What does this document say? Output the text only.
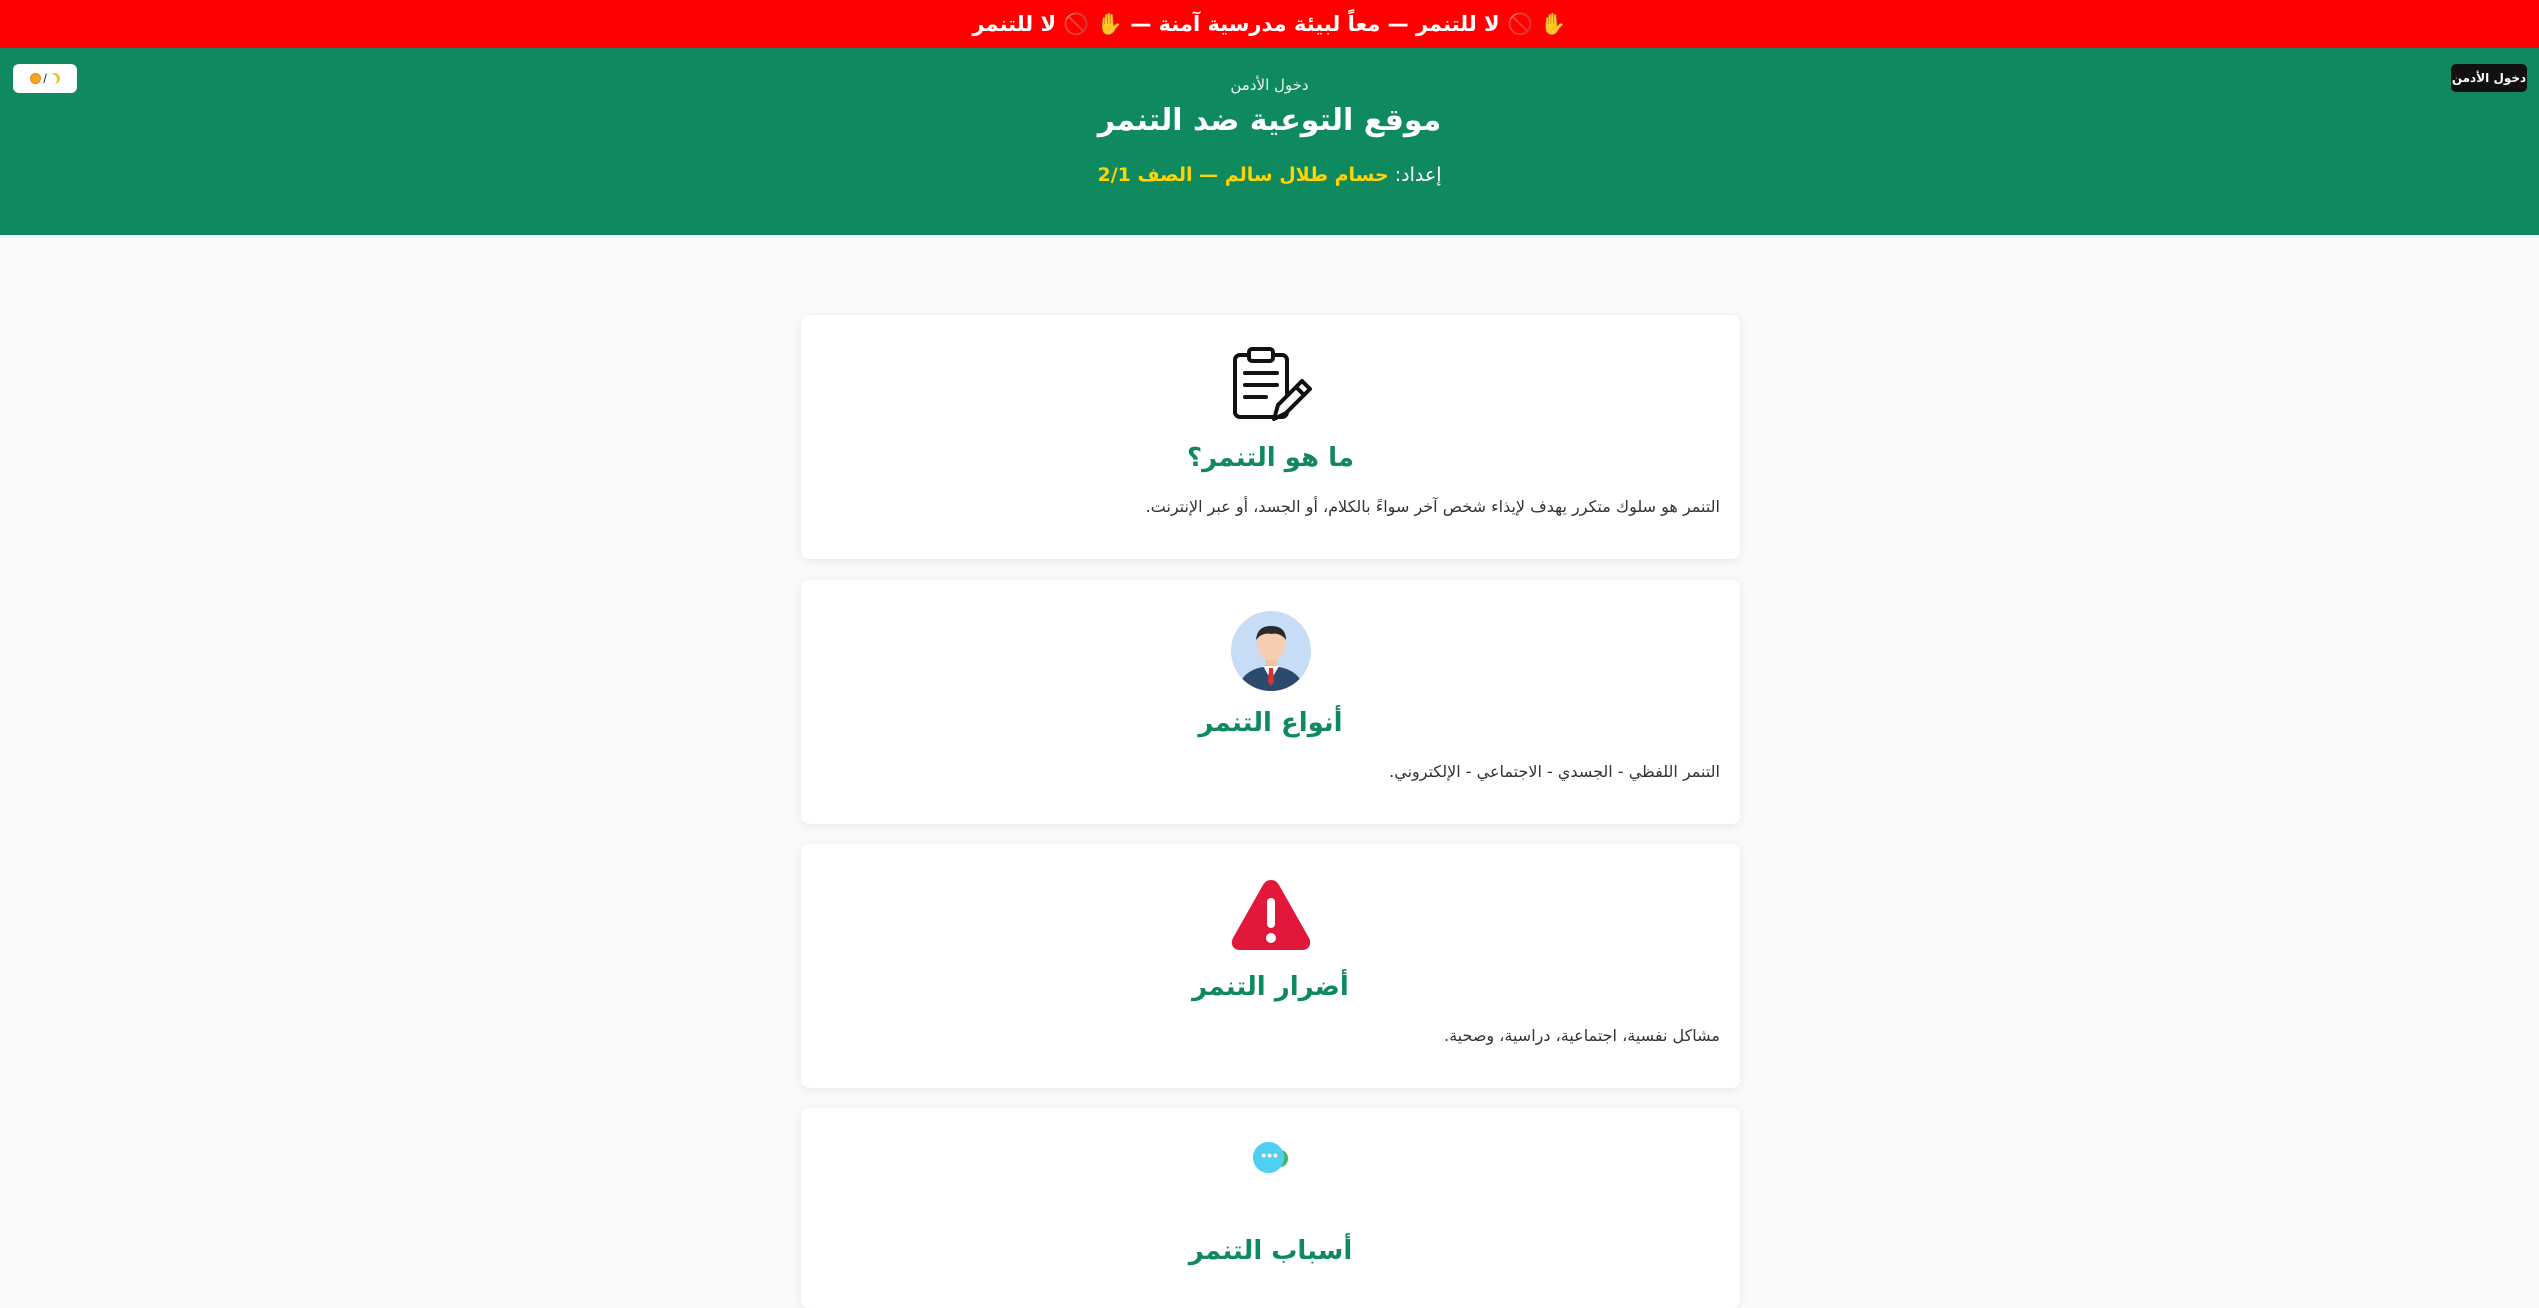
✋ 🚫 لا للتنمر — معاً لبيئة مدرسية آمنة — ✋ 🚫 لا للتنمر
دخول الأدمن
/	دخول الأدمن
موقع التوعية ضد التنمر
إعداد: حسام طلال سالم — الصف 2/1
ما هو التنمر؟

التنمر هو سلوك متكرر يهدف لإيذاء شخص آخر سواءً بالكلام، أو الجسد، أو عبر الإنترنت.

أنواع التنمر

التنمر اللفظي - الجسدي - الاجتماعي - الإلكتروني.

أضرار التنمر

مشاكل نفسية، اجتماعية، دراسية، وصحية.

أسباب التنمر
